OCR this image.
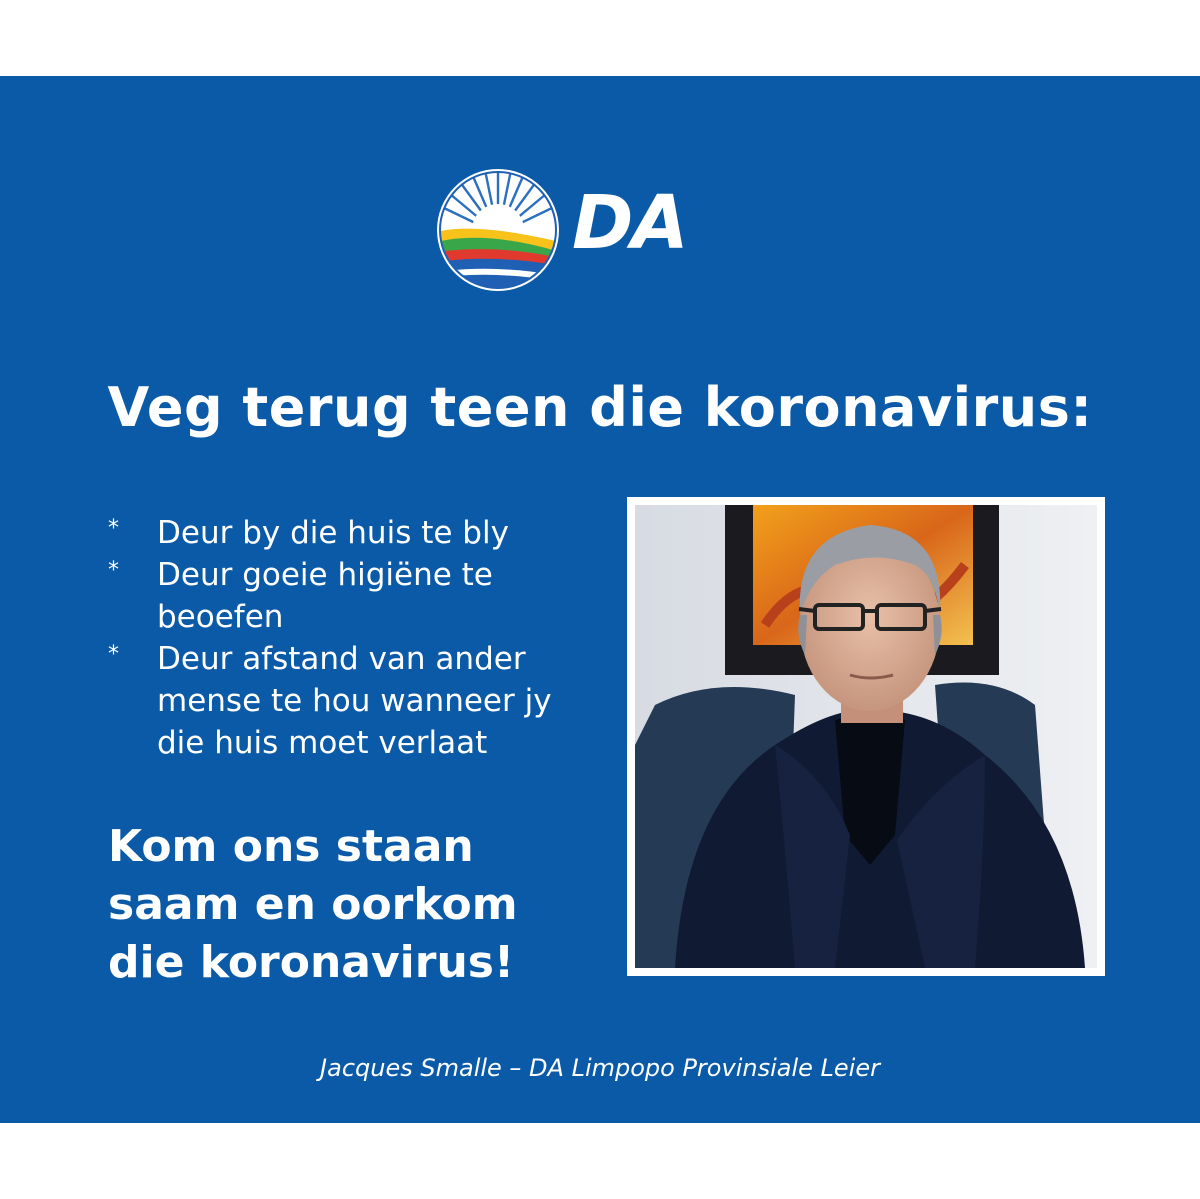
DA
Veg terug teen die koronavirus:
* Deur by die huis te bly
* Deur goeie higiëne te beoefen
* Deur afstand van ander mense te hou wanneer jy die huis moet verlaat
Kom ons staan saam en oorkom die koronavirus!
Jacques Smalle – DA Limpopo Provinsiale Leier
